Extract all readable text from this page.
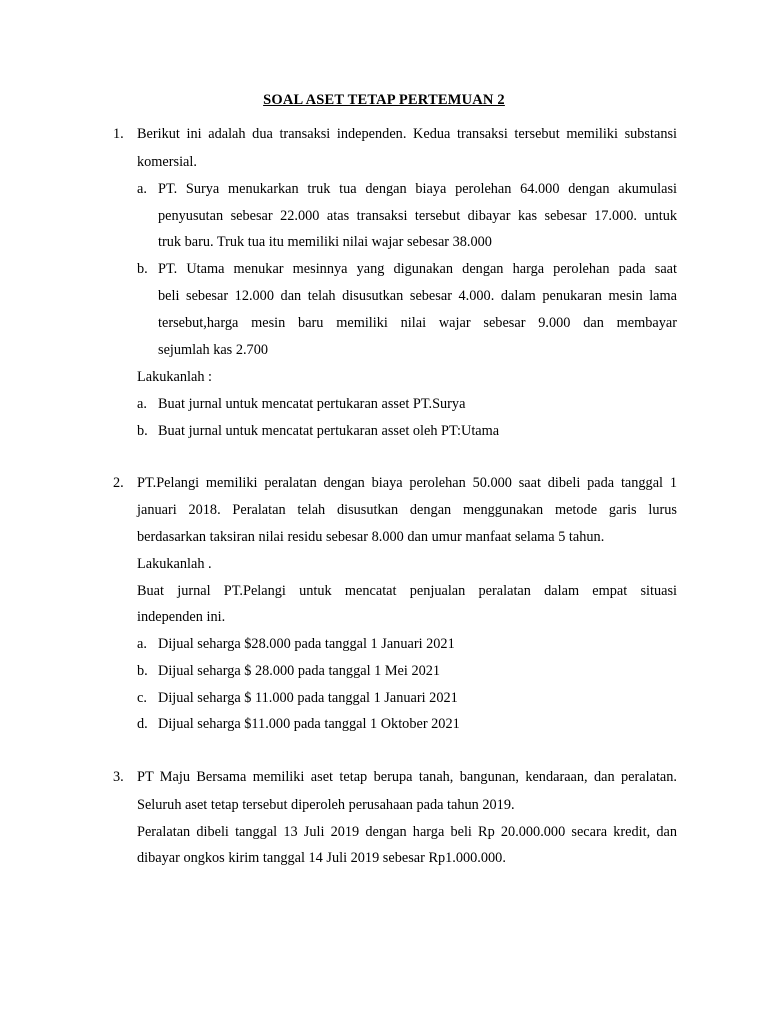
SOAL ASET TETAP PERTEMUAN 2
1. Berikut ini adalah dua transaksi independen. Kedua transaksi tersebut memiliki substansi
komersial.
a. PT. Surya menukarkan truk tua dengan biaya perolehan 64.000 dengan akumulasi
penyusutan sebesar 22.000 atas transaksi tersebut dibayar kas sebesar 17.000. untuk
truk baru. Truk tua itu memiliki nilai wajar sebesar 38.000
b. PT. Utama menukar mesinnya yang digunakan dengan harga perolehan pada saat
beli sebesar 12.000 dan telah disusutkan sebesar 4.000. dalam penukaran mesin lama
tersebut,harga mesin baru memiliki nilai wajar sebesar 9.000 dan membayar
sejumlah kas 2.700
Lakukanlah :
a. Buat jurnal untuk mencatat pertukaran asset PT.Surya
b. Buat jurnal untuk mencatat pertukaran asset oleh PT:Utama
2. PT.Pelangi memiliki peralatan dengan biaya perolehan 50.000 saat dibeli pada tanggal 1
januari 2018. Peralatan telah disusutkan dengan menggunakan metode garis lurus
berdasarkan taksiran nilai residu sebesar 8.000 dan umur manfaat selama 5 tahun.
Lakukanlah .
Buat jurnal PT.Pelangi untuk mencatat penjualan peralatan dalam empat situasi
independen ini.
a. Dijual seharga $28.000 pada tanggal 1 Januari 2021
b. Dijual seharga $ 28.000 pada tanggal 1 Mei 2021
c. Dijual seharga $ 11.000 pada tanggal 1 Januari 2021
d. Dijual seharga $11.000 pada tanggal 1 Oktober 2021
3. PT Maju Bersama memiliki aset tetap berupa tanah, bangunan, kendaraan, dan peralatan.
Seluruh aset tetap tersebut diperoleh perusahaan pada tahun 2019.
Peralatan dibeli tanggal 13 Juli 2019 dengan harga beli Rp 20.000.000 secara kredit, dan
dibayar ongkos kirim tanggal 14 Juli 2019 sebesar Rp1.000.000.
